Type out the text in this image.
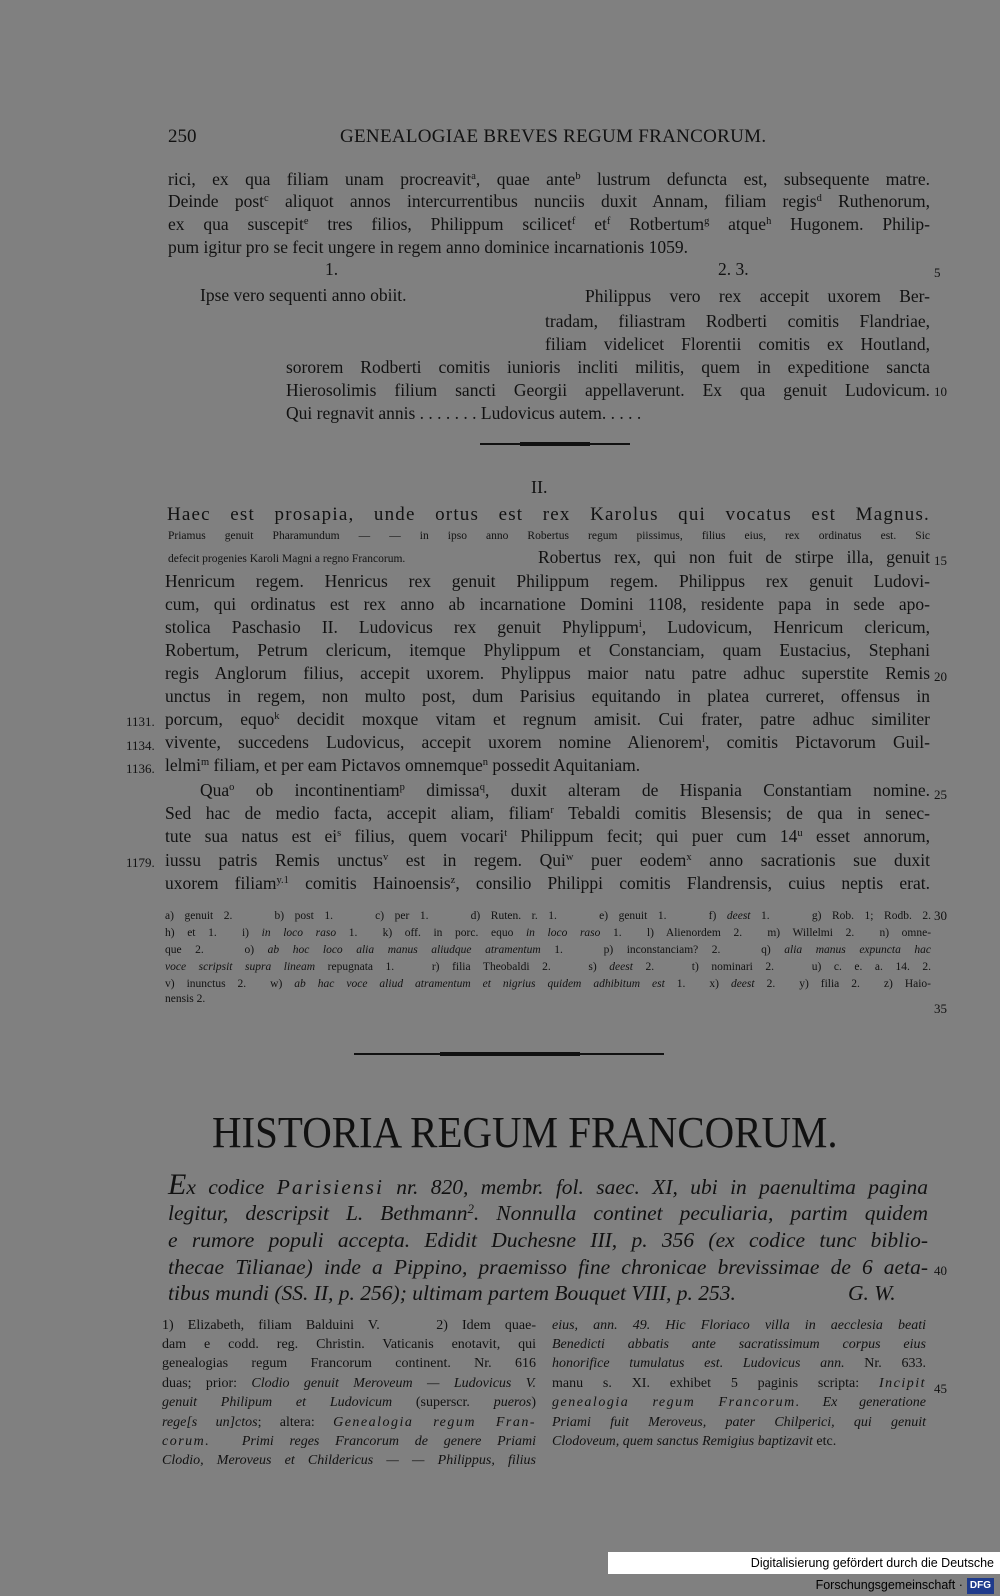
250	GENEALOGIAE BREVES REGUM FRANCORUM.
rici, ex qua filiam unam procreavit$^a$, quae ante$^b$ lustrum defuncta est, subsequente matre.
Deinde post$^c$ aliquot annos intercurrentibus nunciis duxit Annam, filiam regis$^d$ Ruthenorum,
ex qua suscepit$^e$ tres filios, Philippum scilicet$^f$ $et^f$ Rotbertum$^g$ atque$^h$ Hugonem. Philip-
pum igitur pro se fecit ungere in regem anno dominice incarnationis 1059.
1.	2. 3.	5
Ipse vero sequenti anno obiit.	Philippus vero rex accepit uxorem Ber-
tradam, filiastram Rodberti comitis Flandriae,
filiam videlicet Florentii comitis ex Houtland,
sororem Rodberti comitis iunioris incliti militis, quem in expeditione sancta
Hierosolimis filium sancti Georgii appellaverunt. Ex qua genuit Ludovicum. 10
Qui regnavit annis . . . . . . . Ludovicus autem. . . . .
II.
Haec est prosapia, unde ortus est rex Karolus qui vocatus est Magnus.
Priamus genuit Pharamundum — — in ipso anno Robertus regum piissimus, filius eius, rex ordinatus est. Sic
defecit progenies Karoli Magni a regno Francorum.	Robertus rex, qui non fuit de stirpe illa, genuit 15
Henricum regem. Henricus rex genuit Philippum regem. Philippus rex genuit Ludovi-
cum, qui ordinatus est rex anno ab incarnatione Domini 1108, residente papa in sede apo-
stolica Paschasio II. Ludovicus rex genuit Phylippum$^i$, Ludovicum, Henricum clericum,
Robertum, Petrum clericum, itemque Phylippum et Constanciam, quam Eustacius, Stephani
regis Anglorum filius, accepit uxorem. Phylippus maior natu patre adhuc superstite Remis 20
unctus in regem, non multo post, dum Parisius equitando in platea curreret, offensus in
porcum, equo$^k$ decidit moxque vitam et regnum amisit. Cui frater, patre adhuc similiter
1131.
vivente, succedens Ludovicus, accepit uxorem nomine Alienorem$^l$, comitis Pictavorum Guil-
1134.
lelmi$^m$ filiam, et per eam Pictavos omnemque$^n$ possedit Aquitaniam.
1136.
Qua$^o$ ob incontinentiam$^p$ dimissa$^q$, duxit alteram de Hispania Constantiam nomine. 25
Sed hac de medio facta, accepit aliam, filiam$^r$ Tebaldi comitis Blesensis; de qua in senec-
tute sua natus est $ei^s$ filius, quem vocari$^t$ Philippum fecit; qui puer cum 14$^u$ esset annorum,
iussu patris Remis unctus$^v$ est in regem. Qui$^w$ puer eodem$^x$ anno sacrationis sue duxit
1179.
uxorem filiam$^{y.1}$ comitis Hainoensis$^z$, consilio Philippi comitis Flandrensis, cuius neptis erat.
a) genuit 2.    b) post 1.    c) per 1.    d) Ruten. r. 1.    e) genuit 1.    f) deest 1.    g) Rob. 1; Rodb. 2. 30
h) et 1.  i) in loco raso 1.  k) off. in porc. equo in loco raso 1.  l) Alienordem 2.  m) Willelmi 2.  n) omne-
que 2.   o) ab hoc loco alia manus aliudque atramentum 1.   p) inconstanciam? 2.   q) alia manus expuncta hac
voce scripsit supra lineam repugnata 1.   r) filia Theobaldi 2.   s) deest 2.   t) nominari 2.   u) c. e. a. 14. 2.
v) inunctus 2.  w) ab hac voce aliud atramentum et nigrius quidem adhibitum est 1.  x) deest 2.  y) filia 2.  z) Haio-
nensis 2.
35
HISTORIA REGUM FRANCORUM.
Ex codice Parisiensi nr. 820, membr. fol. saec. XI, ubi in paenultima pagina
legitur, descripsit L. Bethmann$^2$. Nonnulla continet peculiaria, partim quidem
e rumore populi accepta. Edidit Duchesne III, p. 356 (ex codice tunc biblio-
thecae Tilianae) inde a Pippino, praemisso fine chronicae brevissimae de 6 aeta- 40
tibus mundi (SS. II, p. 256); ultimam partem Bouquet VIII, p. 253.	G. W.
1) Elizabeth, filiam Balduini V.    2) Idem quae-
dam e codd. reg. Christin. Vaticanis enotavit, qui
genealogias regum Francorum continent. Nr. 616
duas; prior: Clodio genuit Meroveum — Ludovicus V.
genuit Philipum et Ludovicum (superscr. pueros)
rege[s un]ctos; altera: Genealogia regum Fran-
corum. Primi reges Francorum de genere Priami
Clodio, Meroveus et Childericus — — Philippus, filius
eius, ann. 49. Hic Floriaco villa in aecclesia beati
Benedicti abbatis ante sacratissimum corpus eius
honorifice tumulatus est. Ludovicus ann. Nr. 633.
manu s. XI. exhibet 5 paginis scripta: Incipit 45
genealogia regum Francorum. Ex generatione
Priami fuit Meroveus, pater Chilperici, qui genuit
Clodoveum, quem sanctus Remigius baptizavit etc.
Digitalisierung gefördert durch die Deutsche Forschungsgemeinschaft · DFG
